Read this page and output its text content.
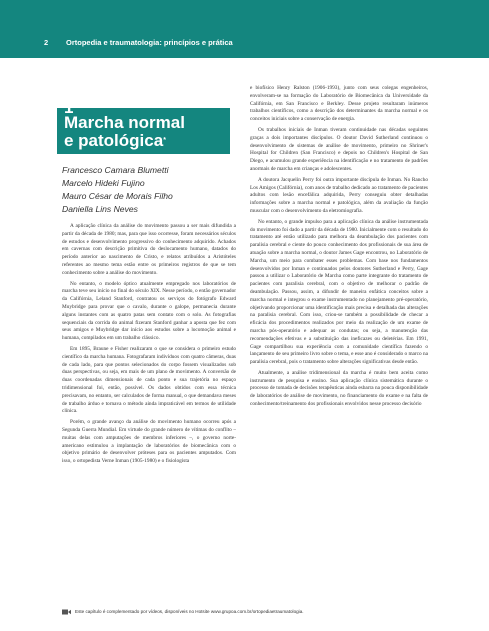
2 Ortopedia e traumatologia: princípios e prática
1
Marcha normal
e patológica*
Francesco Camara Blumetti
Marcelo Hideki Fujino
Mauro César de Morais Filho
Daniella Lins Neves

A aplicação clínica da análise do movimento passou a ser mais difundida a partir da década de 1980; mas, para que isso ocorresse, foram necessários séculos de estudos e desenvolvimento progressivo do conhecimento adquirido. Achados em cavernas com descrição primitiva do deslocamento humano, datados do período anterior ao nascimento de Cristo, e relatos atribuídos a Aristóteles referentes ao mesmo tema estão entre os primeiros registros de que se tem conhecimento sobre a análise do movimento.

No entanto, o modelo óptico atualmente empregado nos laboratórios de marcha teve seu início no final do século XIX. Nesse período, o então governador da Califórnia, Leland Stanford, contratou os serviços do fotógrafo Edward Muybridge para provar que o cavalo, durante o galope, permanecia durante alguns instantes com as quatro patas sem contato com o solo. As fotografias sequenciais da corrida do animal fizeram Stanford ganhar a aposta que fez com seus amigos e Muybridge dar início aos estudos sobre a locomoção animal e humana, compilados em um trabalho clássico.

Em 1895, Braune e Fisher realizaram o que se considera o primeiro estudo científico da marcha humana. Fotografaram indivíduos com quatro câmeras, duas de cada lado, para que pontos selecionados do corpo fossem visualizados sob duas perspectivas, ou seja, em mais de um plano de movimento. A conversão de duas coordenadas dimensionais de cada ponto e sua trajetória no espaço tridimensional foi, então, possível. Os dados obtidos com essa técnica precisavam, no entanto, ser calculados de forma manual, o que demandava meses de trabalho árduo e tornava o método ainda impraticável em termos de utilidade clínica.

Porém, o grande avanço da análise do movimento humano ocorreu após a Segunda Guerra Mundial. Em virtude do grande número de vítimas do conflito – muitas delas com amputações de membros inferiores –, o governo norte-americano estimulou a implantação de laboratórios de biomecânica com o objetivo primário de desenvolver próteses para os pacientes amputados. Com isso, o ortopedista Verne Inman (1905-1980) e o fisiologista

e biofísico Henry Ralston (1906-1993), junto com seus colegas engenheiros, envolveram-se na formação do Laboratório de Biomecânica da Universidade da Califórnia, em San Francisco e Berkley. Desse projeto resultaram inúmeros trabalhos científicos, como a descrição dos determinantes da marcha normal e os conceitos iniciais sobre a conservação de energia.

Os trabalhos iniciais de Inman tiveram continuidade nas décadas seguintes graças a dois importantes discípulos. O doutor David Sutherland continuou o desenvolvimento de sistemas de análise de movimento, primeiro no Shriner's Hospital for Children (San Francisco) e depois no Children's Hospital de San Diego, e acumulou grande experiência na identificação e no tratamento de padrões anormais de marcha em crianças e adolescentes.

A doutora Jacquelin Perry foi outra importante discípula de Inman. No Rancho Los Amigos (Califórnia), com anos de trabalho dedicado ao tratamento de pacientes adultos com lesão encefálica adquirida, Perry conseguiu obter detalhadas informações sobre a marcha normal e patológica, além da avaliação da função muscular com o desenvolvimento da eletromiografia.

No entanto, o grande impulso para a aplicação clínica da análise instrumentada do movimento foi dado a partir da década de 1980. Inicialmente com o resultado do tratamento até então utilizado para melhora da deambulação dos pacientes com paralisia cerebral e ciente do pouco conhecimento dos profissionais de sua área de atuação sobre a marcha normal, o doutor James Gage encontrou, no Laboratório de Marcha, um meio para combater esses problemas. Com base nos fundamentos desenvolvidos por Inman e continuados pelos doutores Sutherland e Perry, Gage passou a utilizar o Laboratório de Marcha como parte integrante do tratamento de pacientes com paralisia cerebral, com o objetivo de melhorar o padrão de deambulação. Passou, assim, a difundir de maneira enfática conceitos sobre a marcha normal e integrou o exame instrumentado no planejamento pré-operatório, objetivando proporcionar uma identificação mais precisa e detalhada das alterações na paralisia cerebral. Com isso, criou-se também a possibilidade de checar a eficácia dos procedimentos realizados por meio da realização de um exame de marcha pós-operatório e adequar as condutas; ou seja, a manutenção das recomendações efetivas e a substituição das ineficazes ou deletérias. Em 1991, Gage compartilhou sua experiência com a comunidade científica fazendo o lançamento de seu primeiro livro sobre o tema, e esse ano é considerado o marco na paralisia cerebral, pois o tratamento sobre alterações significativas desde então.

Atualmente, a análise tridimensional da marcha é muito bem aceita como instrumento de pesquisa e ensino. Sua aplicação clínica sistemática durante o processo de tomada de decisões terapêuticas ainda esbarra na pouca disponibilidade de laboratórios de análise de movimento, no financiamento do exame e na falta de conhecimento/treinamento dos profissionais envolvidos nesse processo decisório

Este capítulo é complementado por vídeos, disponíveis no Hotsite www.grupoa.com.br/ortopediaetraumatologia.
